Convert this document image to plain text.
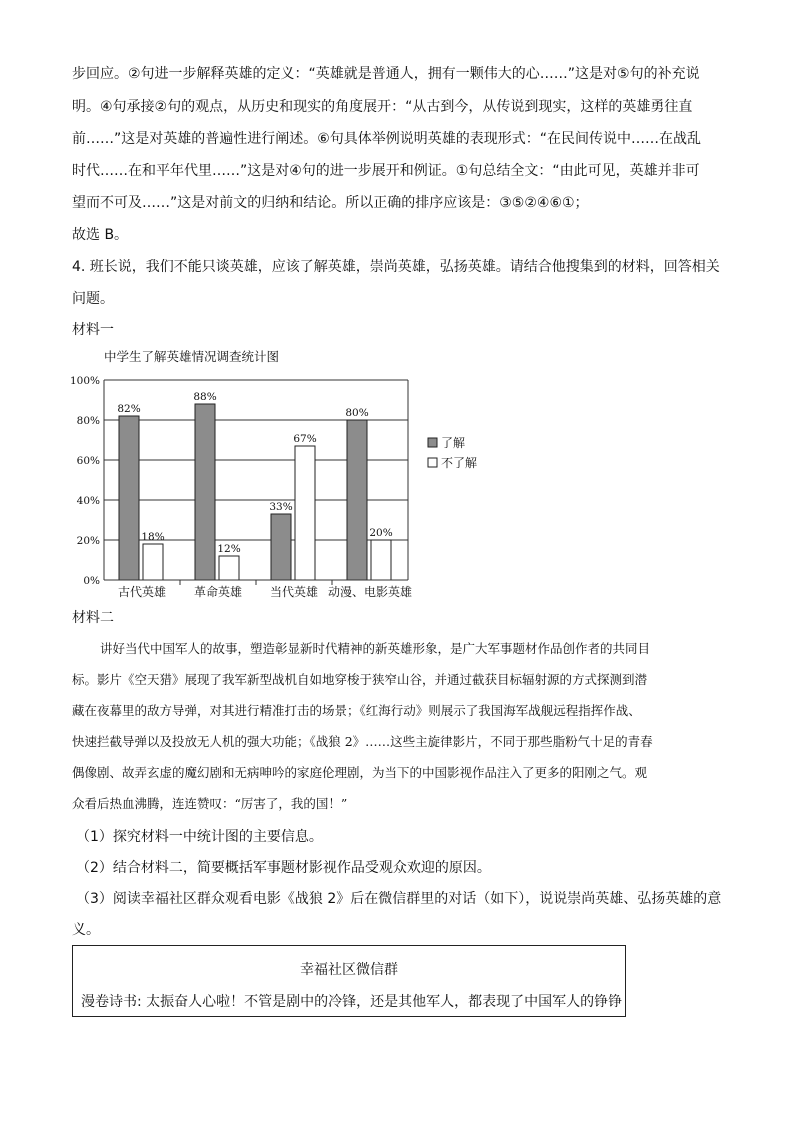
步回应。②句进一步解释英雄的定义：“英雄就是普通人，拥有一颗伟大的心……”这是对⑤句的补充说
明。④句承接②句的观点，从历史和现实的角度展开：“从古到今，从传说到现实，这样的英雄勇往直
前……”这是对英雄的普遍性进行阐述。⑥句具体举例说明英雄的表现形式：“在民间传说中……在战乱
时代……在和平年代里……”这是对④句的进一步展开和例证。①句总结全文：“由此可见，英雄并非可
望而不可及……”这是对前文的归纳和结论。所以正确的排序应该是：③⑤②④⑥①；
故选 B。
4. 班长说，我们不能只谈英雄，应该了解英雄，崇尚英雄，弘扬英雄。请结合他搜集到的材料，回答相关
问题。
材料一
中学生了解英雄情况调查统计图
0%
20%
40%
60%
80%
100%
82%
18%
古代英雄
88%
12%
革命英雄
33%
67%
当代英雄
80%
20%
动漫、电影英雄
了解
不了解
材料二
讲好当代中国军人的故事，塑造彰显新时代精神的新英雄形象，是广大军事题材作品创作者的共同目
标。影片《空天猎》展现了我军新型战机自如地穿梭于狭窄山谷，并通过截获目标辐射源的方式探测到潜
藏在夜幕里的敌方导弹，对其进行精准打击的场景；《红海行动》则展示了我国海军战舰远程指挥作战、
快速拦截导弹以及投放无人机的强大功能；《战狼 2》……这些主旋律影片，不同于那些脂粉气十足的青春
偶像剧、故弄玄虚的魔幻剧和无病呻吟的家庭伦理剧，为当下的中国影视作品注入了更多的阳刚之气。观
众看后热血沸腾，连连赞叹：“厉害了，我的国！”
（1）探究材料一中统计图的主要信息。
（2）结合材料二，简要概括军事题材影视作品受观众欢迎的原因。
（3）阅读幸福社区群众观看电影《战狼 2》后在微信群里的对话（如下），说说崇尚英雄、弘扬英雄的意
义。
幸福社区微信群
漫卷诗书: 太振奋人心啦！不管是剧中的冷锋，还是其他军人，都表现了中国军人的铮铮
